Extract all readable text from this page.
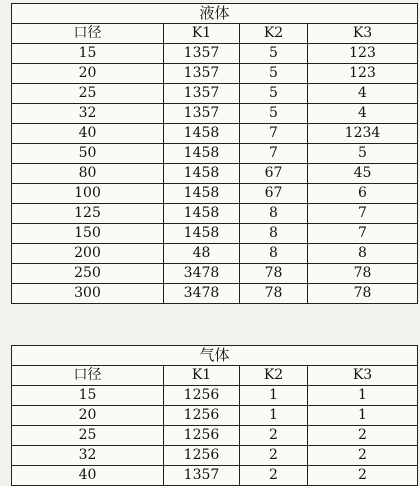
液体			
口径	K1	K2	K3
15	1357	5	123
20	1357	5	123
25	1357	5	4
32	1357	5	4
40	1458	7	1234
50	1458	7	5
80	1458	67	45
100	1458	67	6
125	1458	8	7
150	1458	8	7
200	48	8	8
250	3478	78	78
300	3478	78	78
气体			
口径	K1	K2	K3
15	1256	1	1
20	1256	1	1
25	1256	2	2
32	1256	2	2
40	1357	2	2
